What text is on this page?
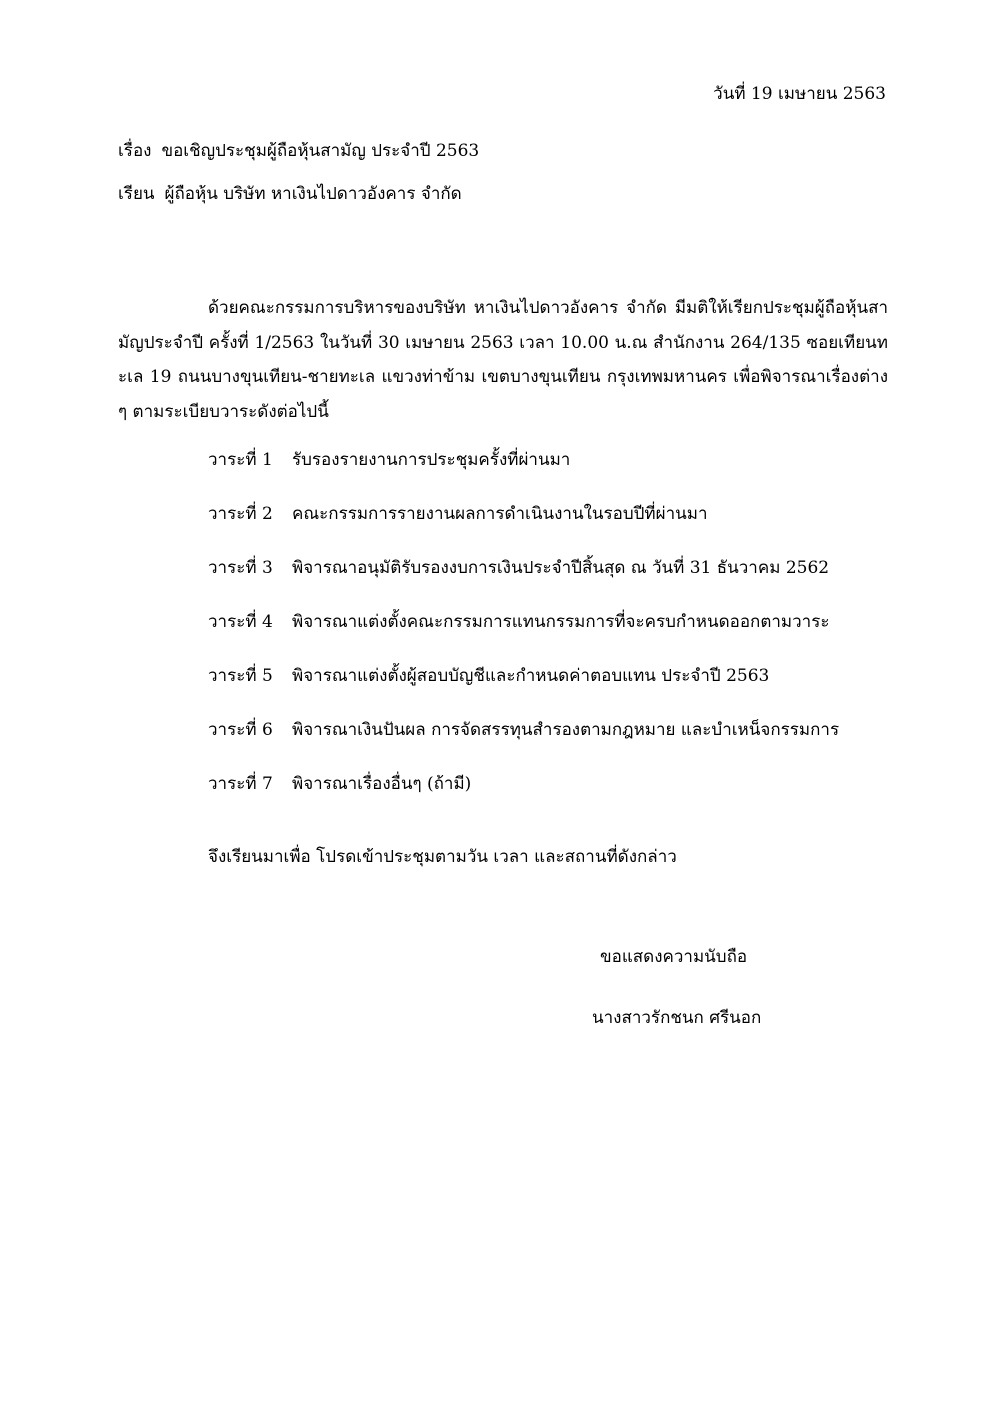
วันที่ 19 เมษายน 2563
เรื่อง ขอเชิญประชุมผู้ถือหุ้นสามัญ ประจำปี 2563
เรียน ผู้ถือหุ้น บริษัท หาเงินไปดาวอังคาร จำกัด
ด้วยคณะกรรมการบริหารของบริษัท หาเงินไปดาวอังคาร จำกัด มีมติให้เรียกประชุมผู้ถือหุ้นสามัญประจำปี ครั้งที่ 1/2563 ในวันที่ 30 เมษายน 2563 เวลา 10.00 น.ณ สำนักงาน 264/135 ซอยเทียนทะเล 19 ถนนบางขุนเทียน-ชายทะเล แขวงท่าข้าม เขตบางขุนเทียน กรุงเทพมหานคร เพื่อพิจารณาเรื่องต่างๆ ตามระเบียบวาระดังต่อไปนี้
วาระที่ 1 รับรองรายงานการประชุมครั้งที่ผ่านมา
วาระที่ 2 คณะกรรมการรายงานผลการดำเนินงานในรอบปีที่ผ่านมา
วาระที่ 3 พิจารณาอนุมัติรับรองงบการเงินประจำปีสิ้นสุด ณ วันที่ 31 ธันวาคม 2562
วาระที่ 4 พิจารณาแต่งตั้งคณะกรรมการแทนกรรมการที่จะครบกำหนดออกตามวาระ
วาระที่ 5 พิจารณาแต่งตั้งผู้สอบบัญชีและกำหนดค่าตอบแทน ประจำปี 2563
วาระที่ 6 พิจารณาเงินปันผล การจัดสรรทุนสำรองตามกฎหมาย และบำเหน็จกรรมการ
วาระที่ 7 พิจารณาเรื่องอื่นๆ (ถ้ามี)
จึงเรียนมาเพื่อ โปรดเข้าประชุมตามวัน เวลา และสถานที่ดังกล่าว
ขอแสดงความนับถือ
นางสาวรักชนก ศรีนอก
